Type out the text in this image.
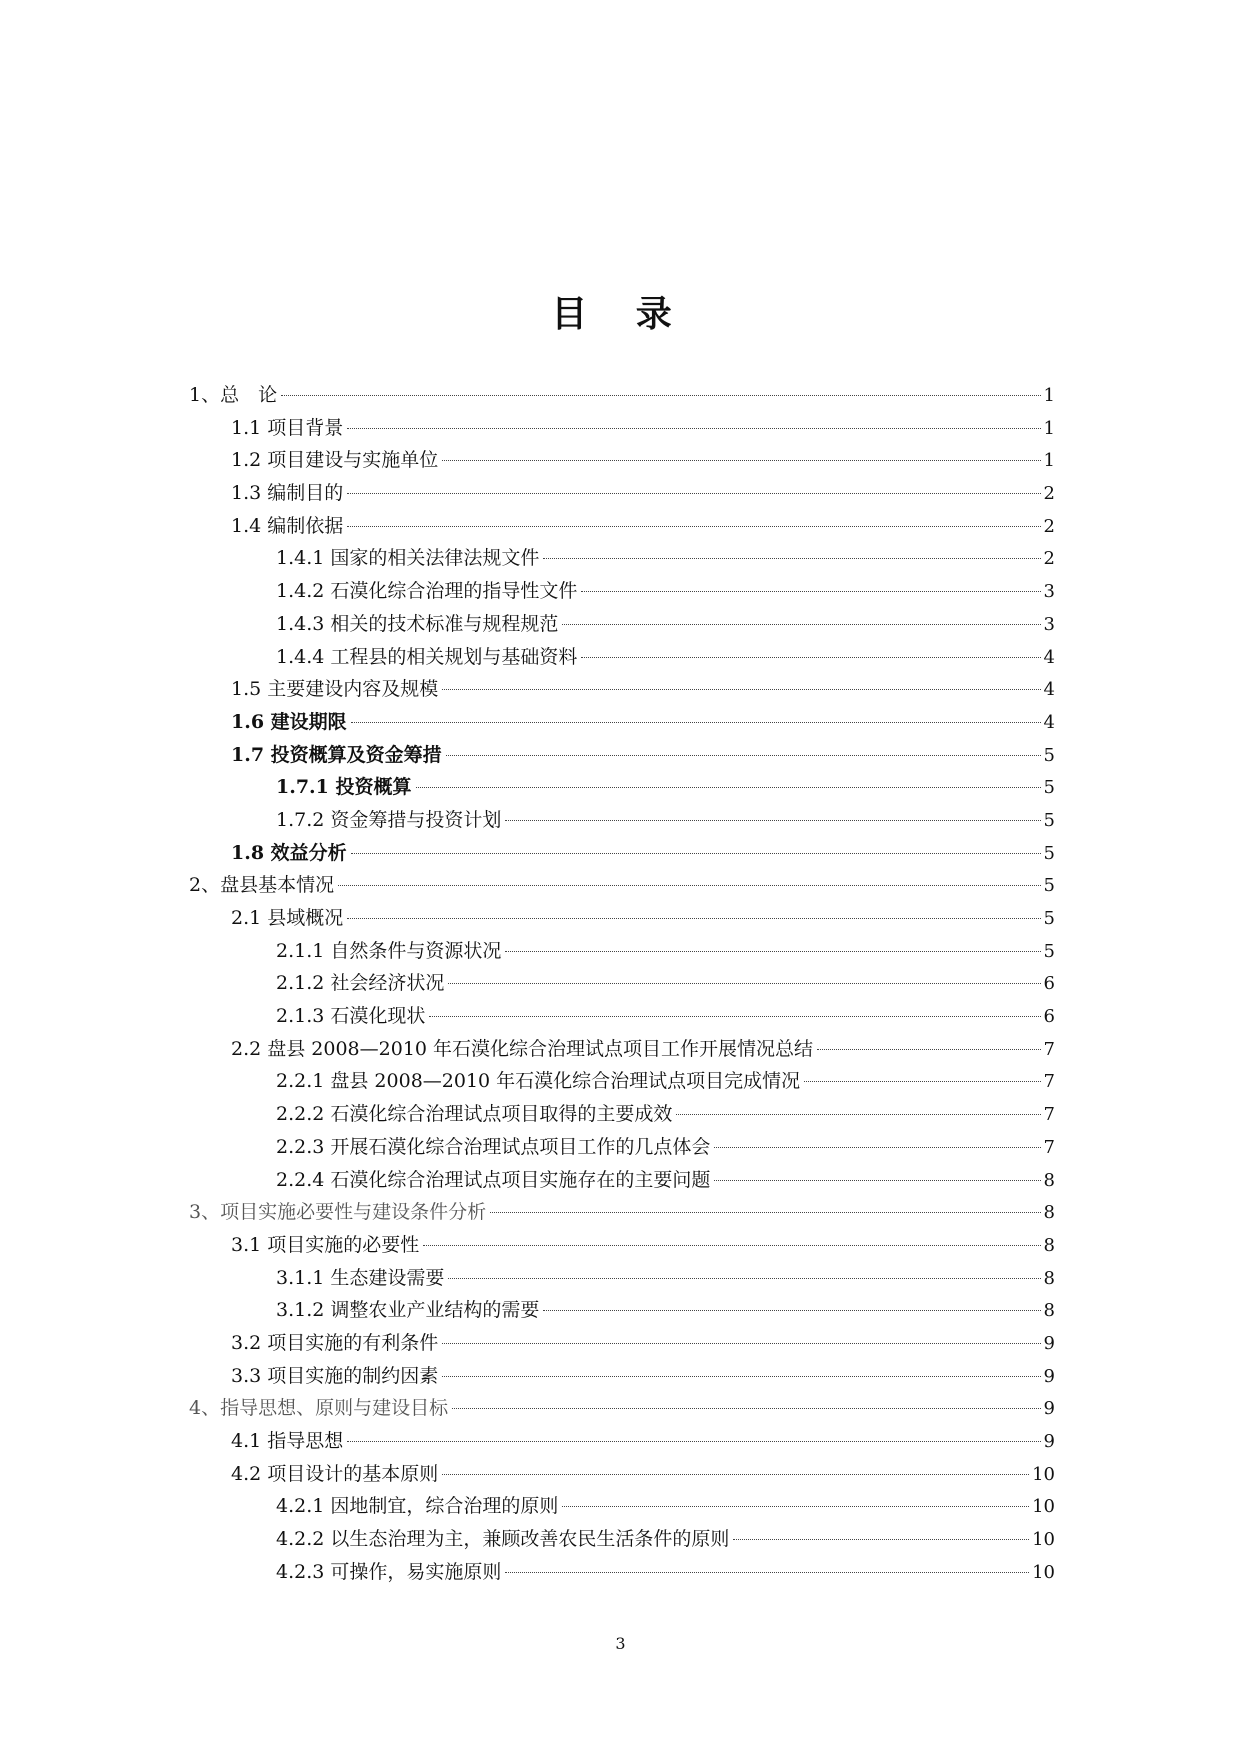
目 录
1、总　论	1
1.1 项目背景	1
1.2 项目建设与实施单位	1
1.3 编制目的	2
1.4 编制依据	2
1.4.1 国家的相关法律法规文件	2
1.4.2 石漠化综合治理的指导性文件	3
1.4.3 相关的技术标准与规程规范	3
1.4.4 工程县的相关规划与基础资料	4
1.5 主要建设内容及规模	4
1.6 建设期限	4
1.7 投资概算及资金筹措	5
1.7.1 投资概算	5
1.7.2 资金筹措与投资计划	5
1.8 效益分析	5
2、盘县基本情况	5
2.1 县域概况	5
2.1.1 自然条件与资源状况	5
2.1.2 社会经济状况	6
2.1.3 石漠化现状	6
2.2 盘县 2008—2010 年石漠化综合治理试点项目工作开展情况总结	7
2.2.1 盘县 2008—2010 年石漠化综合治理试点项目完成情况	7
2.2.2 石漠化综合治理试点项目取得的主要成效	7
2.2.3 开展石漠化综合治理试点项目工作的几点体会	7
2.2.4 石漠化综合治理试点项目实施存在的主要问题	8
3、项目实施必要性与建设条件分析	8
3.1 项目实施的必要性	8
3.1.1 生态建设需要	8
3.1.2 调整农业产业结构的需要	8
3.2 项目实施的有利条件	9
3.3 项目实施的制约因素	9
4、指导思想、原则与建设目标	9
4.1 指导思想	9
4.2 项目设计的基本原则	10
4.2.1 因地制宜，综合治理的原则	10
4.2.2 以生态治理为主，兼顾改善农民生活条件的原则	10
4.2.3 可操作，易实施原则	10
3
